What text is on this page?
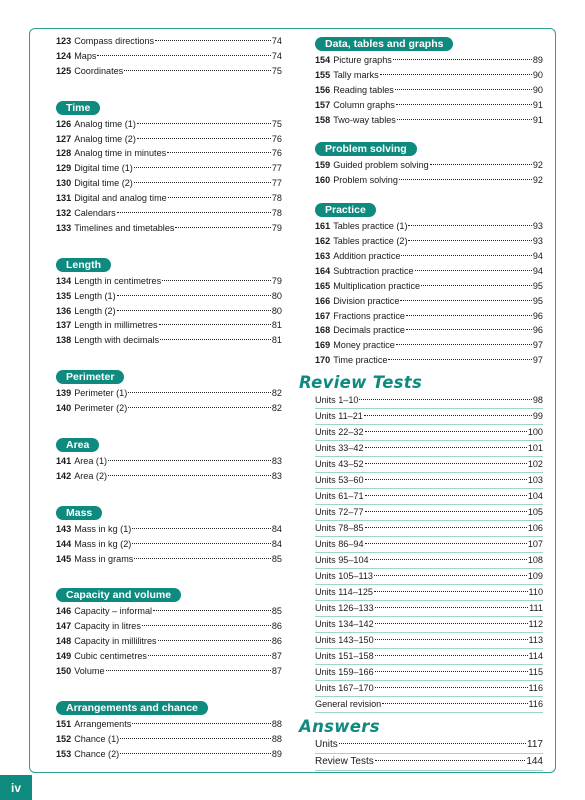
123 Compass directions	74
124 Maps	74
125 Coordinates	75
Time
126 Analog time (1)	75
127 Analog time (2)	76
128 Analog time in minutes	76
129 Digital time (1)	77
130 Digital time (2)	77
131 Digital and analog time	78
132 Calendars	78
133 Timelines and timetables	79
Length
134 Length in centimetres	79
135 Length (1)	80
136 Length (2)	80
137 Length in millimetres	81
138 Length with decimals	81
Perimeter
139 Perimeter (1)	82
140 Perimeter (2)	82
Area
141 Area (1)	83
142 Area (2)	83
Mass
143 Mass in kg (1)	84
144 Mass in kg (2)	84
145 Mass in grams	85
Capacity and volume
146 Capacity – informal	85
147 Capacity in litres	86
148 Capacity in millilitres	86
149 Cubic centimetres	87
150 Volume	87
Arrangements and chance
151 Arrangements	88
152 Chance (1)	88
153 Chance (2)	89
Data, tables and graphs
154 Picture graphs	89
155 Tally marks	90
156 Reading tables	90
157 Column graphs	91
158 Two-way tables	91
Problem solving
159 Guided problem solving	92
160 Problem solving	92
Practice
161 Tables practice (1)	93
162 Tables practice (2)	93
163 Addition practice	94
164 Subtraction practice	94
165 Multiplication practice	95
166 Division practice	95
167 Fractions practice	96
168 Decimals practice	96
169 Money practice	97
170 Time practice	97
Review Tests
Units 1–10	98
Units 11–21	99
Units 22–32	100
Units 33–42	101
Units 43–52	102
Units 53–60	103
Units 61–71	104
Units 72–77	105
Units 78–85	106
Units 86–94	107
Units 95–104	108
Units 105–113	109
Units 114–125	110
Units 126–133	111
Units 134–142	112
Units 143–150	113
Units 151–158	114
Units 159–166	115
Units 167–170	116
General revision	116
Answers
Units	117
Review Tests	144
iv
